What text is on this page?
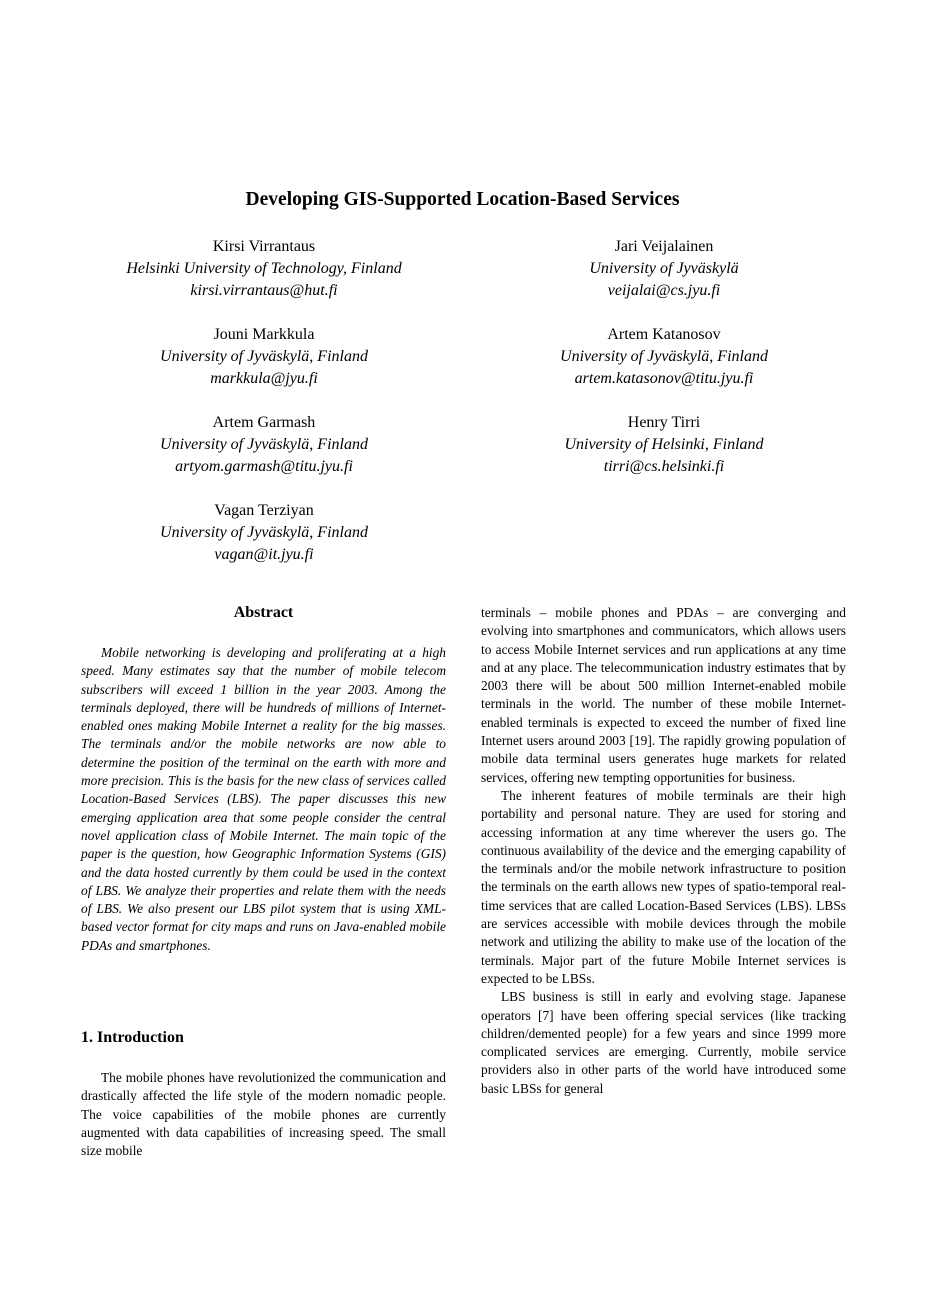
Developing GIS-Supported Location-Based Services
Kirsi Virrantaus
Helsinki University of Technology, Finland
kirsi.virrantaus@hut.fi
Jari Veijalainen
University of Jyväskylä
veijalai@cs.jyu.fi
Jouni Markkula
University of Jyväskylä, Finland
markkula@jyu.fi
Artem Katanosov
University of Jyväskylä, Finland
artem.katasonov@titu.jyu.fi
Artem Garmash
University of Jyväskylä, Finland
artyom.garmash@titu.jyu.fi
Henry Tirri
University of Helsinki, Finland
tirri@cs.helsinki.fi
Vagan Terziyan
University of Jyväskylä, Finland
vagan@it.jyu.fi
Abstract

Mobile networking is developing and proliferating at a high speed. Many estimates say that the number of mobile telecom subscribers will exceed 1 billion in the year 2003. Among the terminals deployed, there will be hundreds of millions of Internet-enabled ones making Mobile Internet a reality for the big masses. The terminals and/or the mobile networks are now able to determine the position of the terminal on the earth with more and more precision. This is the basis for the new class of services called Location-Based Services (LBS). The paper discusses this new emerging application area that some people consider the central novel application class of Mobile Internet. The main topic of the paper is the question, how Geographic Information Systems (GIS) and the data hosted currently by them could be used in the context of LBS. We analyze their properties and relate them with the needs of LBS. We also present our LBS pilot system that is using XML-based vector format for city maps and runs on Java-enabled mobile PDAs and smartphones.

1. Introduction

The mobile phones have revolutionized the communication and drastically affected the life style of the modern nomadic people. The voice capabilities of the mobile phones are currently augmented with data capabilities of increasing speed. The small size mobile

terminals – mobile phones and PDAs – are converging and evolving into smartphones and communicators, which allows users to access Mobile Internet services and run applications at any time and at any place. The telecommunication industry estimates that by 2003 there will be about 500 million Internet-enabled mobile terminals in the world. The number of these mobile Internet-enabled terminals is expected to exceed the number of fixed line Internet users around 2003 [19]. The rapidly growing population of mobile data terminal users generates huge markets for related services, offering new tempting opportunities for business.

The inherent features of mobile terminals are their high portability and personal nature. They are used for storing and accessing information at any time wherever the users go. The continuous availability of the device and the emerging capability of the terminals and/or the mobile network infrastructure to position the terminals on the earth allows new types of spatio-temporal real-time services that are called Location-Based Services (LBS). LBSs are services accessible with mobile devices through the mobile network and utilizing the ability to make use of the location of the terminals. Major part of the future Mobile Internet services is expected to be LBSs.

LBS business is still in early and evolving stage. Japanese operators [7] have been offering special services (like tracking children/demented people) for a few years and since 1999 more complicated services are emerging. Currently, mobile service providers also in other parts of the world have introduced some basic LBSs for general
